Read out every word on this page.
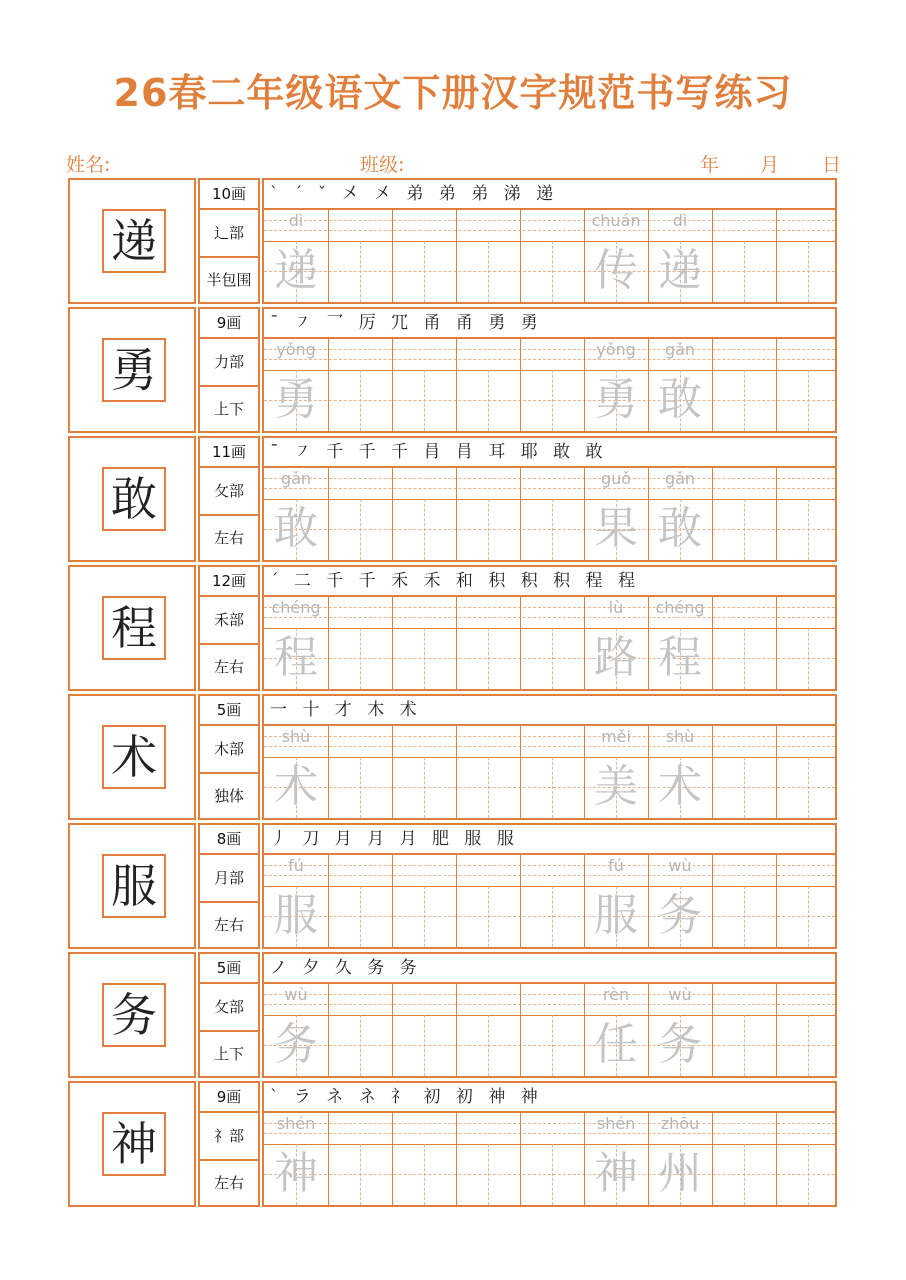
26春二年级语文下册汉字规范书写练习
姓名:	班级:	年 月 日
递
10画
辶部
半包围
` ˊ ˇ 㐅 㐅 弟 弟 弟 涕 递
dì
递
chuán
传
dì
递
勇
9画
力部
上下
ˉ ㇇ 乛 厉 ⺴ 甬 甬 勇 勇
yǒng
勇
yǒng
勇
gǎn
敢
敢
11画
攵部
左右
ˉ ㇇ 千 千 千 肙 肙 耳 耶 敢 敢
gǎn
敢
guǒ
果
gǎn
敢
程
12画
禾部
左右
ˊ 二 千 千 禾 禾 和 积 积 积 程 程
chéng
程
lù
路
chéng
程
术
5画
木部
独体
一 十 才 木 术
shù
术
měi
美
shù
术
服
8画
月部
左右
丿 刀 月 月 月 肥 服 服
fú
服
fú
服
wù
务
务
5画
攵部
上下
ノ 夕 久 务 务
wù
务
rèn
任
wù
务
神
9画
礻部
左右
ˋ ラ ネ ネ 礻 初 初 神 神
shén
神
shén
神
zhōu
州
